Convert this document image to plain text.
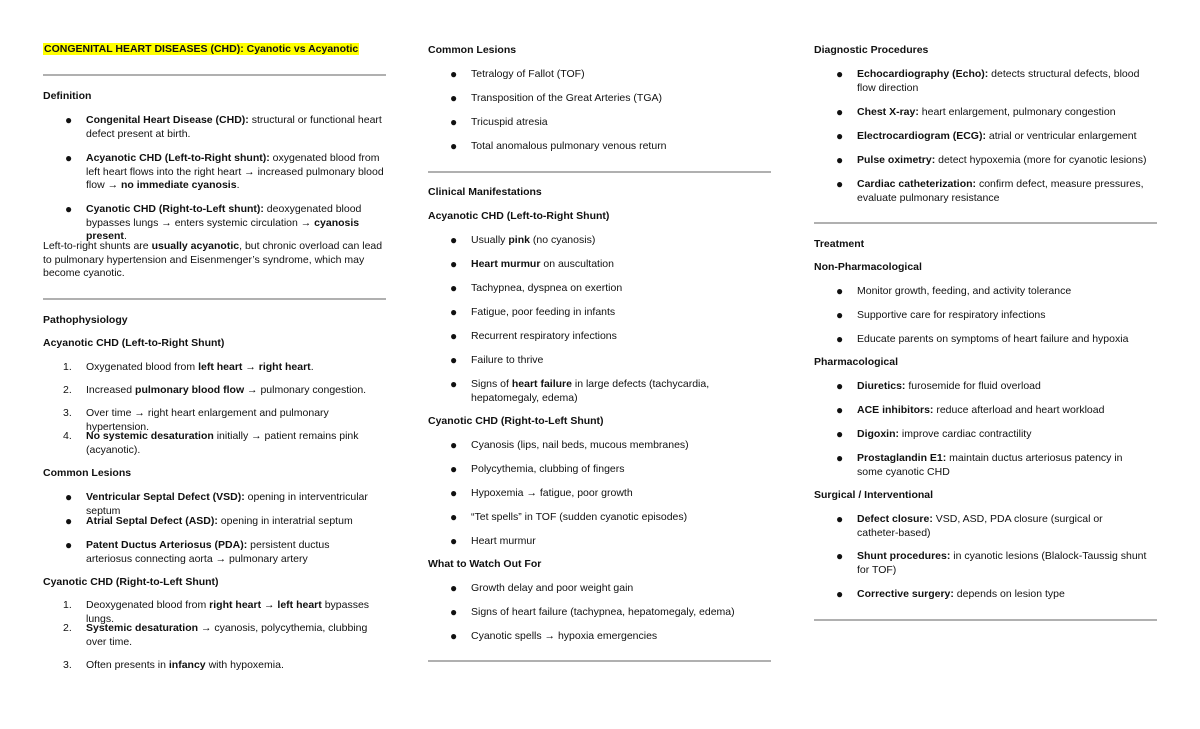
CONGENITAL HEART DISEASES (CHD): Cyanotic vs Acyanotic
Definition
● Congenital Heart Disease (CHD): structural or functional heart defect present at birth.
● Acyanotic CHD (Left-to-Right shunt): oxygenated blood from left heart flows into the right heart → increased pulmonary blood flow → no immediate cyanosis.
● Cyanotic CHD (Right-to-Left shunt): deoxygenated blood bypasses lungs → enters systemic circulation → cyanosis present.
Left-to-right shunts are usually acyanotic, but chronic overload can lead to pulmonary hypertension and Eisenmenger’s syndrome, which may become cyanotic.
Pathophysiology
Acyanotic CHD (Left-to-Right Shunt)
1. Oxygenated blood from left heart → right heart.
2. Increased pulmonary blood flow → pulmonary congestion.
3. Over time → right heart enlargement and pulmonary hypertension.
4. No systemic desaturation initially → patient remains pink (acyanotic).
Common Lesions
● Ventricular Septal Defect (VSD): opening in interventricular septum
● Atrial Septal Defect (ASD): opening in interatrial septum
● Patent Ductus Arteriosus (PDA): persistent ductus arteriosus connecting aorta → pulmonary artery
Cyanotic CHD (Right-to-Left Shunt)
1. Deoxygenated blood from right heart → left heart bypasses lungs.
2. Systemic desaturation → cyanosis, polycythemia, clubbing over time.
3. Often presents in infancy with hypoxemia.
Common Lesions
● Tetralogy of Fallot (TOF)
● Transposition of the Great Arteries (TGA)
● Tricuspid atresia
● Total anomalous pulmonary venous return
Clinical Manifestations
Acyanotic CHD (Left-to-Right Shunt)
● Usually pink (no cyanosis)
● Heart murmur on auscultation
● Tachypnea, dyspnea on exertion
● Fatigue, poor feeding in infants
● Recurrent respiratory infections
● Failure to thrive
● Signs of heart failure in large defects (tachycardia, hepatomegaly, edema)
Cyanotic CHD (Right-to-Left Shunt)
● Cyanosis (lips, nail beds, mucous membranes)
● Polycythemia, clubbing of fingers
● Hypoxemia → fatigue, poor growth
● “Tet spells” in TOF (sudden cyanotic episodes)
● Heart murmur
What to Watch Out For
● Growth delay and poor weight gain
● Signs of heart failure (tachypnea, hepatomegaly, edema)
● Cyanotic spells → hypoxia emergencies
Diagnostic Procedures
● Echocardiography (Echo): detects structural defects, blood flow direction
● Chest X-ray: heart enlargement, pulmonary congestion
● Electrocardiogram (ECG): atrial or ventricular enlargement
● Pulse oximetry: detect hypoxemia (more for cyanotic lesions)
● Cardiac catheterization: confirm defect, measure pressures, evaluate pulmonary resistance
Treatment
Non-Pharmacological
● Monitor growth, feeding, and activity tolerance
● Supportive care for respiratory infections
● Educate parents on symptoms of heart failure and hypoxia
Pharmacological
● Diuretics: furosemide for fluid overload
● ACE inhibitors: reduce afterload and heart workload
● Digoxin: improve cardiac contractility
● Prostaglandin E1: maintain ductus arteriosus patency in some cyanotic CHD
Surgical / Interventional
● Defect closure: VSD, ASD, PDA closure (surgical or catheter-based)
● Shunt procedures: in cyanotic lesions (Blalock-Taussig shunt for TOF)
● Corrective surgery: depends on lesion type
